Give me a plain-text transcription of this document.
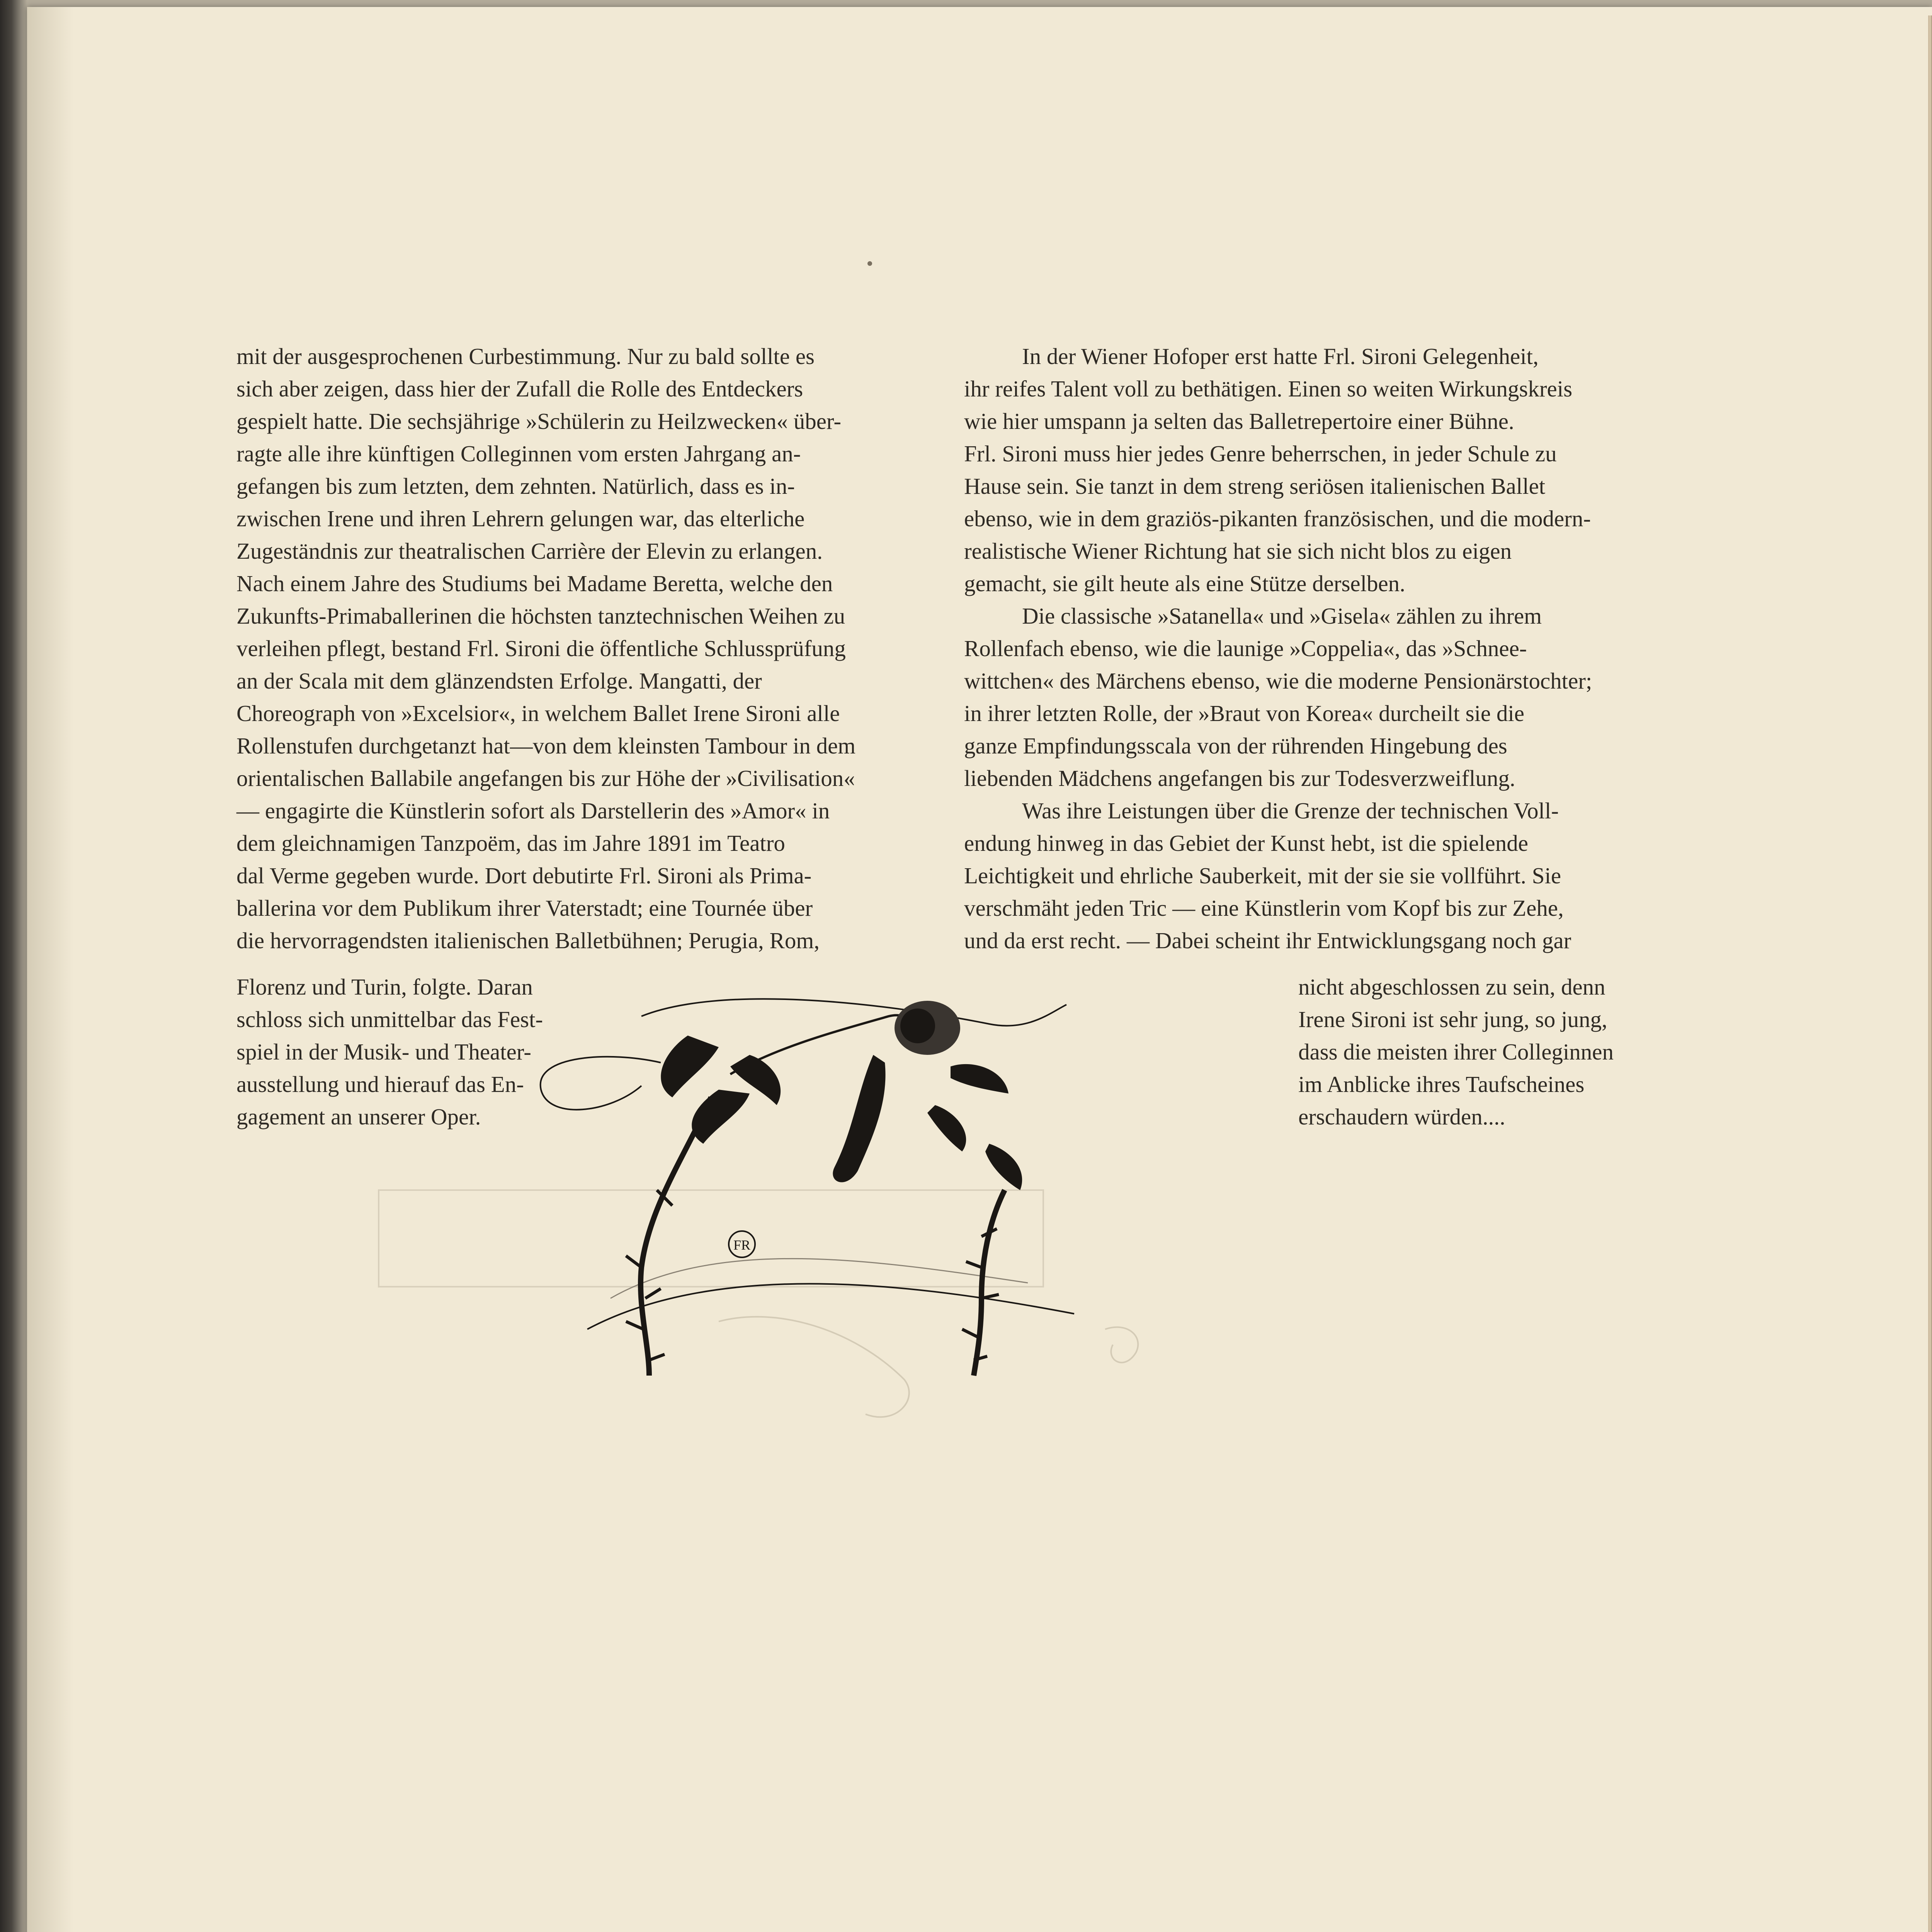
mit der ausgesprochenen Curbestimmung. Nur zu bald sollte es

sich aber zeigen, dass hier der Zufall die Rolle des Entdeckers

gespielt hatte. Die sechsjährige »Schülerin zu Heilzwecken« über-

ragte alle ihre künftigen Colleginnen vom ersten Jahrgang an-

gefangen bis zum letzten, dem zehnten. Natürlich, dass es in-

zwischen Irene und ihren Lehrern gelungen war, das elterliche

Zugeständnis zur theatralischen Carrière der Elevin zu erlangen.

Nach einem Jahre des Studiums bei Madame Beretta, welche den

Zukunfts-Primaballerinen die höchsten tanztechnischen Weihen zu

verleihen pflegt, bestand Frl. Sironi die öffentliche Schlussprüfung

an der Scala mit dem glänzendsten Erfolge. Mangatti, der

Choreograph von »Excelsior«, in welchem Ballet Irene Sironi alle

Rollenstufen durchgetanzt hat—von dem kleinsten Tambour in dem

orientalischen Ballabile angefangen bis zur Höhe der »Civilisation«

— engagirte die Künstlerin sofort als Darstellerin des »Amor« in

dem gleichnamigen Tanzpoëm, das im Jahre 1891 im Teatro

dal Verme gegeben wurde. Dort debutirte Frl. Sironi als Prima-

ballerina vor dem Publikum ihrer Vaterstadt; eine Tournée über

die hervorragendsten italienischen Balletbühnen; Perugia, Rom,

Florenz und Turin, folgte. Daran

schloss sich unmittelbar das Fest-

spiel in der Musik- und Theater-

ausstellung und hierauf das En-

gagement an unserer Oper.

In der Wiener Hofoper erst hatte Frl. Sironi Gelegenheit,

ihr reifes Talent voll zu bethätigen. Einen so weiten Wirkungskreis

wie hier umspann ja selten das Balletrepertoire einer Bühne.

Frl. Sironi muss hier jedes Genre beherrschen, in jeder Schule zu

Hause sein. Sie tanzt in dem streng seriösen italienischen Ballet

ebenso, wie in dem graziös-pikanten französischen, und die modern-

realistische Wiener Richtung hat sie sich nicht blos zu eigen

gemacht, sie gilt heute als eine Stütze derselben.

Die classische »Satanella« und »Gisela« zählen zu ihrem

Rollenfach ebenso, wie die launige »Coppelia«, das »Schnee-

wittchen« des Märchens ebenso, wie die moderne Pensionärstochter;

in ihrer letzten Rolle, der »Braut von Korea« durcheilt sie die

ganze Empfindungsscala von der rührenden Hingebung des

liebenden Mädchens angefangen bis zur Todesverzweiflung.

Was ihre Leistungen über die Grenze der technischen Voll-

endung hinweg in das Gebiet der Kunst hebt, ist die spielende

Leichtigkeit und ehrliche Sauberkeit, mit der sie sie vollführt. Sie

verschmäht jeden Tric — eine Künstlerin vom Kopf bis zur Zehe,

und da erst recht. — Dabei scheint ihr Entwicklungsgang noch gar

nicht abgeschlossen zu sein, denn

Irene Sironi ist sehr jung, so jung,

dass die meisten ihrer Colleginnen

im Anblicke ihres Taufscheines

erschaudern würden....

FR
